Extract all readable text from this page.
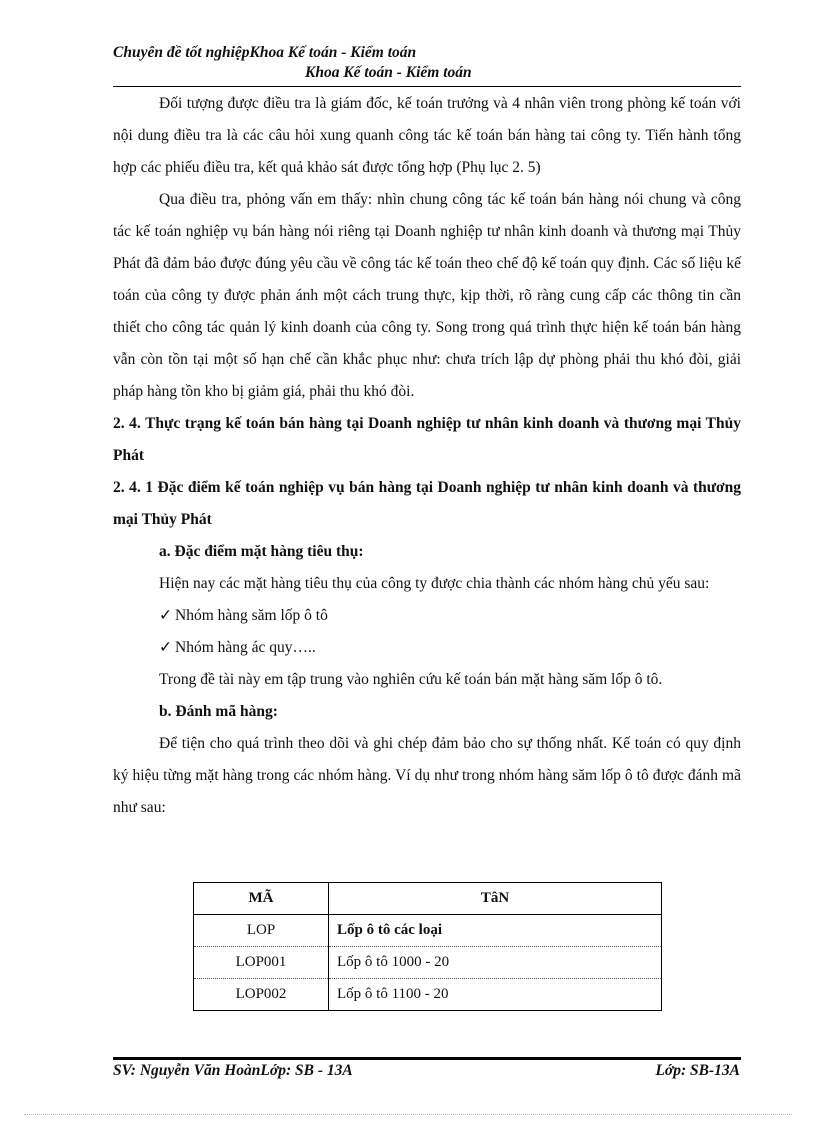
Chuyên đề tốt nghiệpKhoa Kế toán - Kiểm toán
Khoa Kế toán - Kiểm toán

Đối tượng được điều tra là giám đốc, kế toán trưởng và 4 nhân viên trong phòng kế toán với nội dung điều tra là các câu hỏi xung quanh công tác kế toán bán hàng tai công ty. Tiến hành tổng hợp các phiếu điều tra, kết quả khảo sát được tổng hợp (Phụ lục 2. 5)

Qua điều tra, phỏng vấn em thấy: nhìn chung công tác kế toán bán hàng nói chung và công tác kế toán nghiệp vụ bán hàng nói riêng tại Doanh nghiệp tư nhân kinh doanh và thương mại Thủy Phát đã đảm bảo được đúng yêu cầu về công tác kế toán theo chế độ kế toán quy định. Các số liệu kế toán của công ty được phản ánh một cách trung thực, kịp thời, rõ ràng cung cấp các thông tin cần thiết cho công tác quản lý kinh doanh của công ty. Song trong quá trình thực hiện kế toán bán hàng vẫn còn tồn tại một số hạn chế cần khắc phục như: chưa trích lập dự phòng phải thu khó đòi, giải pháp hàng tồn kho bị giảm giá, phải thu khó đòi.

2. 4. Thực trạng kế toán bán hàng tại Doanh nghiệp tư nhân kinh doanh và thương mại Thủy Phát

2. 4. 1 Đặc điểm kế toán nghiệp vụ bán hàng tại Doanh nghiệp tư nhân kinh doanh và thương mại Thủy Phát

a. Đặc điểm mặt hàng tiêu thụ:

Hiện nay các mặt hàng tiêu thụ của công ty được chia thành các nhóm hàng chủ yếu sau:

✓ Nhóm hàng săm lốp ô tô

✓ Nhóm hàng ác quy…..

Trong đề tài này em tập trung vào nghiên cứu kế toán bán mặt hàng săm lốp ô tô.

b. Đánh mã hàng:

Để tiện cho quá trình theo dõi và ghi chép đảm bảo cho sự thống nhất. Kế toán có quy định ký hiệu từng mặt hàng trong các nhóm hàng. Ví dụ như trong nhóm hàng săm lốp ô tô được đánh mã như sau:

MÃ	TâN
LOP	Lốp ô tô các loại
LOP001	Lốp ô tô 1000 - 20
LOP002	Lốp ô tô 1100 - 20
SV: Nguyễn Văn HoànLớp: SB - 13A	Lớp: SB-13A
